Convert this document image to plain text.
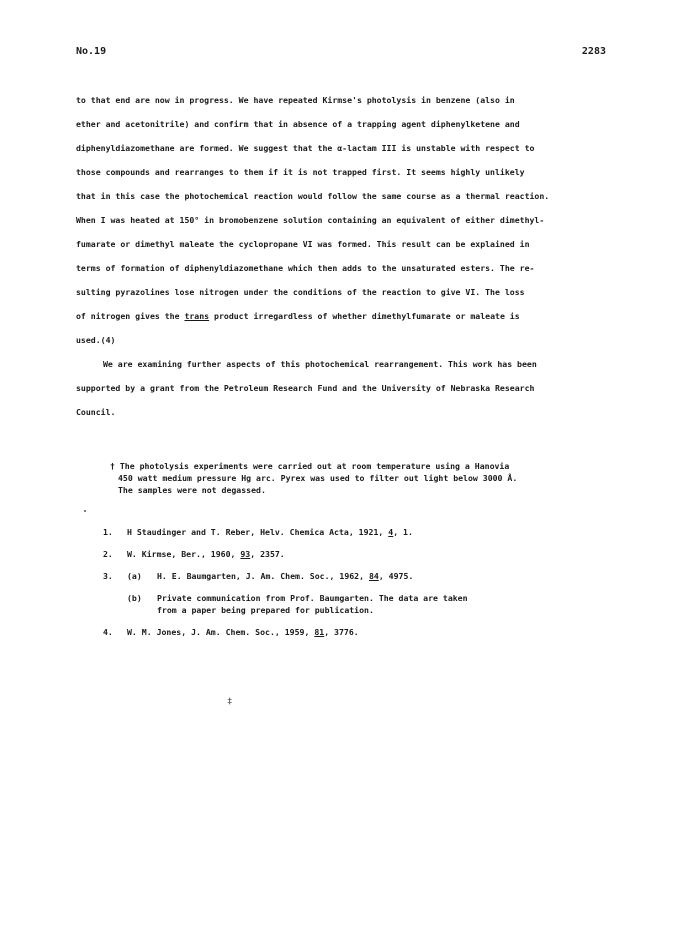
No.19	2283
to that end are now in progress. We have repeated Kirmse's photolysis in benzene (also in
ether and acetonitrile) and confirm that in absence of a trapping agent diphenylketene and
diphenyldiazomethane are formed. We suggest that the α-lactam III is unstable with respect to
those compounds and rearranges to them if it is not trapped first. It seems highly unlikely
that in this case the photochemical reaction would follow the same course as a thermal reaction.
When I was heated at 150° in bromobenzene solution containing an equivalent of either dimethyl-
fumarate or dimethyl maleate the cyclopropane VI was formed. This result can be explained in
terms of formation of diphenyldiazomethane which then adds to the unsaturated esters. The re-
sulting pyrazolines lose nitrogen under the conditions of the reaction to give VI. The loss
of nitrogen gives the trans product irregardless of whether dimethylfumarate or maleate is
used.(4)
We are examining further aspects of this photochemical rearrangement. This work has been
supported by a grant from the Petroleum Research Fund and the University of Nebraska Research
Council.
† The photolysis experiments were carried out at room temperature using a Hanovia
450 watt medium pressure Hg arc. Pyrex was used to filter out light below 3000 Å.
The samples were not degassed.
1.	H Staudinger and T. Reber, Helv. Chemica Acta, 1921, 4, 1.
2.	W. Kirmse, Ber., 1960, 93, 2357.
3.	(a)	H. E. Baumgarten, J. Am. Chem. Soc., 1962, 84, 4975.
(b)	Private communication from Prof. Baumgarten. The data are taken
from a paper being prepared for publication.
4.	W. M. Jones, J. Am. Chem. Soc., 1959, 81, 3776.
‡
